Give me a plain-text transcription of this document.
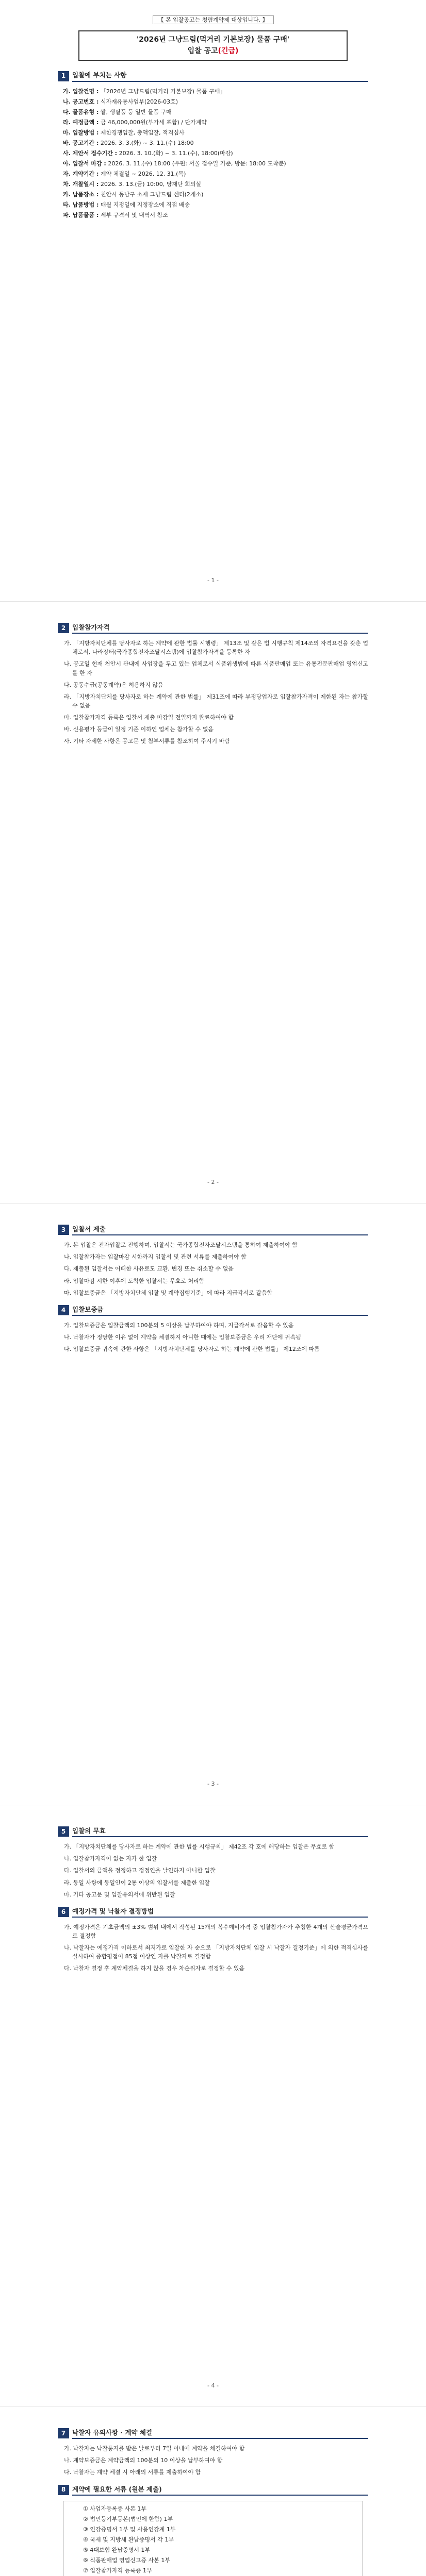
【 본 입찰공고는 청렴계약제 대상입니다. 】
'2026년 그냥드림(먹거리 기본보장) 물품 구매'
입찰 공고(긴급)
1	입찰에 부치는 사항
가. 입찰건명 : 「2026년 그냥드림(먹거리 기본보장) 물품 구매」
나. 공고번호 : 식자재유통사업부(2026-03호)
다. 물품유형 : 쌀, 생필품 등 일반 물품 구매
라. 예정금액 : 금 46,000,000원(부가세 포함) / 단가계약
마. 입찰방법 : 제한경쟁입찰, 총액입찰, 적격심사
바. 공고기간 : 2026. 3. 3.(화) ~ 3. 11.(수) 18:00
사. 제안서 접수기간 : 2026. 3. 10.(화) ~ 3. 11.(수), 18:00(마감)
아. 입찰서 마감 : 2026. 3. 11.(수) 18:00 (우편: 서울 접수일 기준, 방문: 18:00 도착분)
자. 계약기간 : 계약 체결일 ~ 2026. 12. 31.(목)
차. 개찰일시 : 2026. 3. 13.(금) 10:00, 당재단 회의실
카. 납품장소 : 천안시 동남구 소재 그냥드림 센터(2개소)
타. 납품방법 : 매월 지정일에 지정장소에 직접 배송
파. 납품물품 : 세부 규격서 및 내역서 참조
- 1 -
2	입찰참가자격
가. 「지방자치단체를 당사자로 하는 계약에 관한 법률 시행령」 제13조 및 같은 법 시행규칙 제14조의 자격요건을 갖춘 업체로서, 나라장터(국가종합전자조달시스템)에 입찰참가자격을 등록한 자
나. 공고일 현재 천안시 관내에 사업장을 두고 있는 업체로서 식품위생법에 따른 식품판매업 또는 유통전문판매업 영업신고를 한 자
다. 공동수급(공동계약)은 허용하지 않음
라. 「지방자치단체를 당사자로 하는 계약에 관한 법률」 제31조에 따라 부정당업자로 입찰참가자격이 제한된 자는 참가할 수 없음
마. 입찰참가자격 등록은 입찰서 제출 마감일 전일까지 완료하여야 함
바. 신용평가 등급이 일정 기준 이하인 업체는 참가할 수 없음
사. 기타 자세한 사항은 공고문 및 첨부서류를 참조하여 주시기 바람
- 2 -
3	입찰서 제출
가. 본 입찰은 전자입찰로 진행하며, 입찰서는 국가종합전자조달시스템을 통하여 제출하여야 함
나. 입찰참가자는 입찰마감 시한까지 입찰서 및 관련 서류를 제출하여야 함
다. 제출된 입찰서는 어떠한 사유로도 교환, 변경 또는 취소할 수 없음
라. 입찰마감 시한 이후에 도착한 입찰서는 무효로 처리함
마. 입찰보증금은 「지방자치단체 입찰 및 계약집행기준」에 따라 지급각서로 갈음함
4	입찰보증금
가. 입찰보증금은 입찰금액의 100분의 5 이상을 납부하여야 하며, 지급각서로 갈음할 수 있음
나. 낙찰자가 정당한 이유 없이 계약을 체결하지 아니한 때에는 입찰보증금은 우리 재단에 귀속됨
다. 입찰보증금 귀속에 관한 사항은 「지방자치단체를 당사자로 하는 계약에 관한 법률」 제12조에 따름
- 3 -
5	입찰의 무효
가. 「지방자치단체를 당사자로 하는 계약에 관한 법률 시행규칙」 제42조 각 호에 해당하는 입찰은 무효로 함
나. 입찰참가자격이 없는 자가 한 입찰
다. 입찰서의 금액을 정정하고 정정인을 날인하지 아니한 입찰
라. 동일 사항에 동일인이 2통 이상의 입찰서를 제출한 입찰
마. 기타 공고문 및 입찰유의서에 위반된 입찰
6	예정가격 및 낙찰자 결정방법
가. 예정가격은 기초금액의 ±3% 범위 내에서 작성된 15개의 복수예비가격 중 입찰참가자가 추첨한 4개의 산술평균가격으로 결정함
나. 낙찰자는 예정가격 이하로서 최저가로 입찰한 자 순으로 「지방자치단체 입찰 시 낙찰자 결정기준」에 의한 적격심사를 실시하여 종합평점이 85점 이상인 자를 낙찰자로 결정함
다. 낙찰자 결정 후 계약체결을 하지 않을 경우 차순위자로 결정할 수 있음
- 4 -
7	낙찰자 유의사항 · 계약 체결
가. 낙찰자는 낙찰통지를 받은 날로부터 7일 이내에 계약을 체결하여야 함
나. 계약보증금은 계약금액의 100분의 10 이상을 납부하여야 함
다. 낙찰자는 계약 체결 시 아래의 서류를 제출하여야 함
8	계약에 필요한 서류 (원본 제출)
① 사업자등록증 사본 1부
② 법인등기부등본(법인에 한함) 1부
③ 인감증명서 1부 및 사용인감계 1부
④ 국세 및 지방세 완납증명서 각 1부
⑤ 4대보험 완납증명서 1부
⑥ 식품판매업 영업신고증 사본 1부
⑦ 입찰참가자격 등록증 1부
